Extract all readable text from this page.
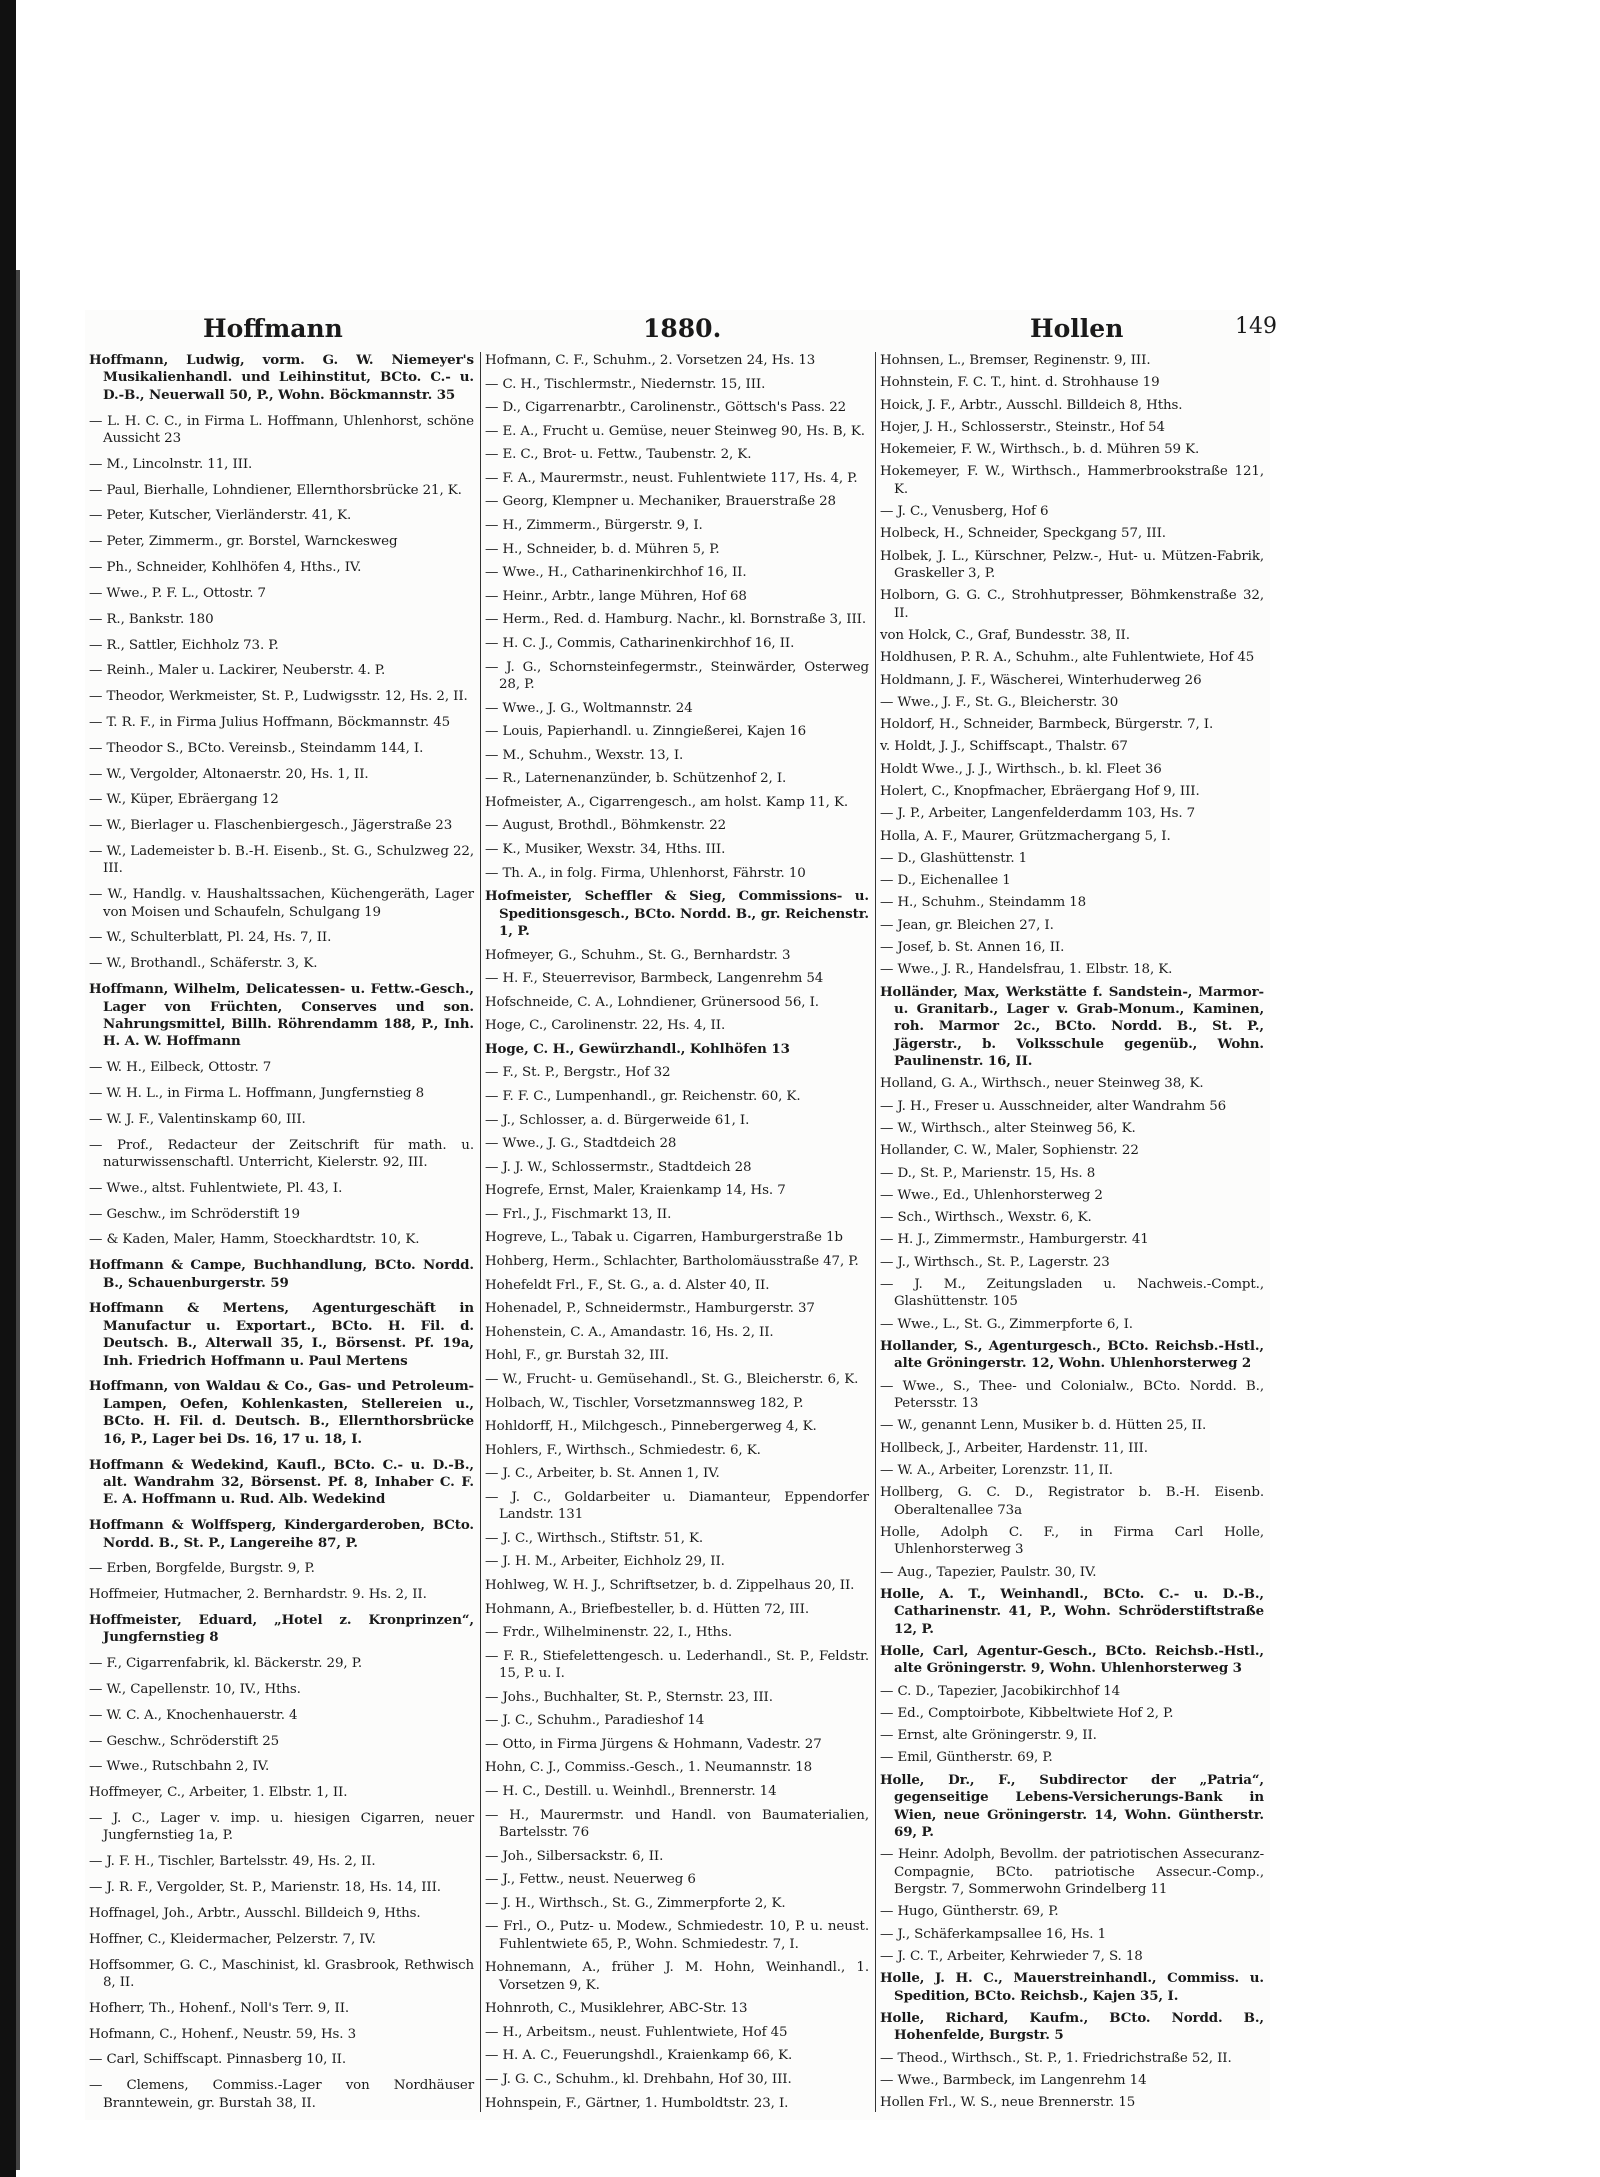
Hoffmann	1880.	Hollen	149

Hoffmann, Ludwig, vorm. G. W. Niemeyer's Musikalienhandl. und Leihinstitut, BCto. C.- u. D.-B., Neuerwall 50, P., Wohn. Böckmannstr. 35

— L. H. C. C., in Firma L. Hoffmann, Uhlenhorst, schöne Aussicht 23

— M., Lincolnstr. 11, III.

— Paul, Bierhalle, Lohndiener, Ellernthorsbrücke 21, K.

— Peter, Kutscher, Vierländerstr. 41, K.

— Peter, Zimmerm., gr. Borstel, Warnckesweg

— Ph., Schneider, Kohlhöfen 4, Hths., IV.

— Wwe., P. F. L., Ottostr. 7

— R., Bankstr. 180

— R., Sattler, Eichholz 73. P.

— Reinh., Maler u. Lackirer, Neuberstr. 4. P.

— Theodor, Werkmeister, St. P., Ludwigsstr. 12, Hs. 2, II.

— T. R. F., in Firma Julius Hoffmann, Böckmannstr. 45

— Theodor S., BCto. Vereinsb., Steindamm 144, I.

— W., Vergolder, Altonaerstr. 20, Hs. 1, II.

— W., Küper, Ebräergang 12

— W., Bierlager u. Flaschenbiergesch., Jägerstraße 23

— W., Lademeister b. B.-H. Eisenb., St. G., Schulzweg 22, III.

— W., Handlg. v. Haushaltssachen, Küchengeräth, Lager von Moisen und Schaufeln, Schulgang 19

— W., Schulterblatt, Pl. 24, Hs. 7, II.

— W., Brothandl., Schäferstr. 3, K.

Hoffmann, Wilhelm, Delicatessen- u. Fettw.-Gesch., Lager von Früchten, Conserves und son. Nahrungsmittel, Billh. Röhrendamm 188, P., Inh. H. A. W. Hoffmann

— W. H., Eilbeck, Ottostr. 7

— W. H. L., in Firma L. Hoffmann, Jungfernstieg 8

— W. J. F., Valentinskamp 60, III.

— Prof., Redacteur der Zeitschrift für math. u. naturwissenschaftl. Unterricht, Kielerstr. 92, III.

— Wwe., altst. Fuhlentwiete, Pl. 43, I.

— Geschw., im Schröderstift 19

— & Kaden, Maler, Hamm, Stoeckhardtstr. 10, K.

Hoffmann & Campe, Buchhandlung, BCto. Nordd. B., Schauenburgerstr. 59

Hoffmann & Mertens, Agenturgeschäft in Manufactur u. Exportart., BCto. H. Fil. d. Deutsch. B., Alterwall 35, I., Börsenst. Pf. 19a, Inh. Friedrich Hoffmann u. Paul Mertens

Hoffmann, von Waldau & Co., Gas- und Petroleum-Lampen, Oefen, Kohlenkasten, Stellereien u., BCto. H. Fil. d. Deutsch. B., Ellernthorsbrücke 16, P., Lager bei Ds. 16, 17 u. 18, I.

Hoffmann & Wedekind, Kaufl., BCto. C.- u. D.-B., alt. Wandrahm 32, Börsenst. Pf. 8, Inhaber C. F. E. A. Hoffmann u. Rud. Alb. Wedekind

Hoffmann & Wolffsperg, Kindergarderoben, BCto. Nordd. B., St. P., Langereihe 87, P.

— Erben, Borgfelde, Burgstr. 9, P.

Hoffmeier, Hutmacher, 2. Bernhardstr. 9. Hs. 2, II.

Hoffmeister, Eduard, „Hotel z. Kronprinzen“, Jungfernstieg 8

— F., Cigarrenfabrik, kl. Bäckerstr. 29, P.

— W., Capellenstr. 10, IV., Hths.

— W. C. A., Knochenhauerstr. 4

— Geschw., Schröderstift 25

— Wwe., Rutschbahn 2, IV.

Hoffmeyer, C., Arbeiter, 1. Elbstr. 1, II.

— J. C., Lager v. imp. u. hiesigen Cigarren, neuer Jungfernstieg 1a, P.

— J. F. H., Tischler, Bartelsstr. 49, Hs. 2, II.

— J. R. F., Vergolder, St. P., Marienstr. 18, Hs. 14, III.

Hoffnagel, Joh., Arbtr., Ausschl. Billdeich 9, Hths.

Hoffner, C., Kleidermacher, Pelzerstr. 7, IV.

Hoffsommer, G. C., Maschinist, kl. Grasbrook, Rethwisch 8, II.

Hofherr, Th., Hohenf., Noll's Terr. 9, II.

Hofmann, C., Hohenf., Neustr. 59, Hs. 3

— Carl, Schiffscapt. Pinnasberg 10, II.

— Clemens, Commiss.-Lager von Nordhäuser Branntewein, gr. Burstah 38, II.

Hofmann, C. F., Schuhm., 2. Vorsetzen 24, Hs. 13

— C. H., Tischlermstr., Niedernstr. 15, III.

— D., Cigarrenarbtr., Carolinenstr., Göttsch's Pass. 22

— E. A., Frucht u. Gemüse, neuer Steinweg 90, Hs. B, K.

— E. C., Brot- u. Fettw., Taubenstr. 2, K.

— F. A., Maurermstr., neust. Fuhlentwiete 117, Hs. 4, P.

— Georg, Klempner u. Mechaniker, Brauerstraße 28

— H., Zimmerm., Bürgerstr. 9, I.

— H., Schneider, b. d. Mühren 5, P.

— Wwe., H., Catharinenkirchhof 16, II.

— Heinr., Arbtr., lange Mühren, Hof 68

— Herm., Red. d. Hamburg. Nachr., kl. Bornstraße 3, III.

— H. C. J., Commis, Catharinenkirchhof 16, II.

— J. G., Schornsteinfegermstr., Steinwärder, Osterweg 28, P.

— Wwe., J. G., Woltmannstr. 24

— Louis, Papierhandl. u. Zinngießerei, Kajen 16

— M., Schuhm., Wexstr. 13, I.

— R., Laternenanzünder, b. Schützenhof 2, I.

Hofmeister, A., Cigarrengesch., am holst. Kamp 11, K.

— August, Brothdl., Böhmkenstr. 22

— K., Musiker, Wexstr. 34, Hths. III.

— Th. A., in folg. Firma, Uhlenhorst, Fährstr. 10

Hofmeister, Scheffler & Sieg, Commissions- u. Speditionsgesch., BCto. Nordd. B., gr. Reichenstr. 1, P.

Hofmeyer, G., Schuhm., St. G., Bernhardstr. 3

— H. F., Steuerrevisor, Barmbeck, Langenrehm 54

Hofschneide, C. A., Lohndiener, Grünersood 56, I.

Hoge, C., Carolinenstr. 22, Hs. 4, II.

Hoge, C. H., Gewürzhandl., Kohlhöfen 13

— F., St. P., Bergstr., Hof 32

— F. F. C., Lumpenhandl., gr. Reichenstr. 60, K.

— J., Schlosser, a. d. Bürgerweide 61, I.

— Wwe., J. G., Stadtdeich 28

— J. J. W., Schlossermstr., Stadtdeich 28

Hogrefe, Ernst, Maler, Kraienkamp 14, Hs. 7

— Frl., J., Fischmarkt 13, II.

Hogreve, L., Tabak u. Cigarren, Hamburgerstraße 1b

Hohberg, Herm., Schlachter, Bartholomäusstraße 47, P.

Hohefeldt Frl., F., St. G., a. d. Alster 40, II.

Hohenadel, P., Schneidermstr., Hamburgerstr. 37

Hohenstein, C. A., Amandastr. 16, Hs. 2, II.

Hohl, F., gr. Burstah 32, III.

— W., Frucht- u. Gemüsehandl., St. G., Bleicherstr. 6, K.

Holbach, W., Tischler, Vorsetzmannsweg 182, P.

Hohldorff, H., Milchgesch., Pinnebergerweg 4, K.

Hohlers, F., Wirthsch., Schmiedestr. 6, K.

— J. C., Arbeiter, b. St. Annen 1, IV.

— J. C., Goldarbeiter u. Diamanteur, Eppendorfer Landstr. 131

— J. C., Wirthsch., Stiftstr. 51, K.

— J. H. M., Arbeiter, Eichholz 29, II.

Hohlweg, W. H. J., Schriftsetzer, b. d. Zippelhaus 20, II.

Hohmann, A., Briefbesteller, b. d. Hütten 72, III.

— Frdr., Wilhelminenstr. 22, I., Hths.

— F. R., Stiefelettengesch. u. Lederhandl., St. P., Feldstr. 15, P. u. I.

— Johs., Buchhalter, St. P., Sternstr. 23, III.

— J. C., Schuhm., Paradieshof 14

— Otto, in Firma Jürgens & Hohmann, Vadestr. 27

Hohn, C. J., Commiss.-Gesch., 1. Neumannstr. 18

— H. C., Destill. u. Weinhdl., Brennerstr. 14

— H., Maurermstr. und Handl. von Baumaterialien, Bartelsstr. 76

— Joh., Silbersackstr. 6, II.

— J., Fettw., neust. Neuerweg 6

— J. H., Wirthsch., St. G., Zimmerpforte 2, K.

— Frl., O., Putz- u. Modew., Schmiedestr. 10, P. u. neust. Fuhlentwiete 65, P., Wohn. Schmiedestr. 7, I.

Hohnemann, A., früher J. M. Hohn, Weinhandl., 1. Vorsetzen 9, K.

Hohnroth, C., Musiklehrer, ABC-Str. 13

— H., Arbeitsm., neust. Fuhlentwiete, Hof 45

— H. A. C., Feuerungshdl., Kraienkamp 66, K.

— J. G. C., Schuhm., kl. Drehbahn, Hof 30, III.

Hohnspein, F., Gärtner, 1. Humboldtstr. 23, I.

Hohnsen, L., Bremser, Reginenstr. 9, III.

Hohnstein, F. C. T., hint. d. Strohhause 19

Hoick, J. F., Arbtr., Ausschl. Billdeich 8, Hths.

Hojer, J. H., Schlosserstr., Steinstr., Hof 54

Hokemeier, F. W., Wirthsch., b. d. Mühren 59 K.

Hokemeyer, F. W., Wirthsch., Hammerbrookstraße 121, K.

— J. C., Venusberg, Hof 6

Holbeck, H., Schneider, Speckgang 57, III.

Holbek, J. L., Kürschner, Pelzw.-, Hut- u. Mützen-Fabrik, Graskeller 3, P.

Holborn, G. G. C., Strohhutpresser, Böhmkenstraße 32, II.

von Holck, C., Graf, Bundesstr. 38, II.

Holdhusen, P. R. A., Schuhm., alte Fuhlentwiete, Hof 45

Holdmann, J. F., Wäscherei, Winterhuderweg 26

— Wwe., J. F., St. G., Bleicherstr. 30

Holdorf, H., Schneider, Barmbeck, Bürgerstr. 7, I.

v. Holdt, J. J., Schiffscapt., Thalstr. 67

Holdt Wwe., J. J., Wirthsch., b. kl. Fleet 36

Holert, C., Knopfmacher, Ebräergang Hof 9, III.

— J. P., Arbeiter, Langenfelderdamm 103, Hs. 7

Holla, A. F., Maurer, Grützmachergang 5, I.

— D., Glashüttenstr. 1

— D., Eichenallee 1

— H., Schuhm., Steindamm 18

— Jean, gr. Bleichen 27, I.

— Josef, b. St. Annen 16, II.

— Wwe., J. R., Handelsfrau, 1. Elbstr. 18, K.

Holländer, Max, Werkstätte f. Sandstein-, Marmor- u. Granitarb., Lager v. Grab-Monum., Kaminen, roh. Marmor 2c., BCto. Nordd. B., St. P., Jägerstr., b. Volksschule gegenüb., Wohn. Paulinenstr. 16, II.

Holland, G. A., Wirthsch., neuer Steinweg 38, K.

— J. H., Freser u. Ausschneider, alter Wandrahm 56

— W., Wirthsch., alter Steinweg 56, K.

Hollander, C. W., Maler, Sophienstr. 22

— D., St. P., Marienstr. 15, Hs. 8

— Wwe., Ed., Uhlenhorsterweg 2

— Sch., Wirthsch., Wexstr. 6, K.

— H. J., Zimmermstr., Hamburgerstr. 41

— J., Wirthsch., St. P., Lagerstr. 23

— J. M., Zeitungsladen u. Nachweis.-Compt., Glashüttenstr. 105

— Wwe., L., St. G., Zimmerpforte 6, I.

Hollander, S., Agenturgesch., BCto. Reichsb.-Hstl., alte Gröningerstr. 12, Wohn. Uhlenhorsterweg 2

— Wwe., S., Thee- und Colonialw., BCto. Nordd. B., Petersstr. 13

— W., genannt Lenn, Musiker b. d. Hütten 25, II.

Hollbeck, J., Arbeiter, Hardenstr. 11, III.

— W. A., Arbeiter, Lorenzstr. 11, II.

Hollberg, G. C. D., Registrator b. B.-H. Eisenb. Oberaltenallee 73a

Holle, Adolph C. F., in Firma Carl Holle, Uhlenhorsterweg 3

— Aug., Tapezier, Paulstr. 30, IV.

Holle, A. T., Weinhandl., BCto. C.- u. D.-B., Catharinenstr. 41, P., Wohn. Schröderstiftstraße 12, P.

Holle, Carl, Agentur-Gesch., BCto. Reichsb.-Hstl., alte Gröningerstr. 9, Wohn. Uhlenhorsterweg 3

— C. D., Tapezier, Jacobikirchhof 14

— Ed., Comptoirbote, Kibbeltwiete Hof 2, P.

— Ernst, alte Gröningerstr. 9, II.

— Emil, Güntherstr. 69, P.

Holle, Dr., F., Subdirector der „Patria“, gegenseitige Lebens-Versicherungs-Bank in Wien, neue Gröningerstr. 14, Wohn. Güntherstr. 69, P.

— Heinr. Adolph, Bevollm. der patriotischen Assecuranz-Compagnie, BCto. patriotische Assecur.-Comp., Bergstr. 7, Sommerwohn Grindelberg 11

— Hugo, Güntherstr. 69, P.

— J., Schäferkampsallee 16, Hs. 1

— J. C. T., Arbeiter, Kehrwieder 7, S. 18

Holle, J. H. C., Mauerstreinhandl., Commiss. u. Spedition, BCto. Reichsb., Kajen 35, I.

Holle, Richard, Kaufm., BCto. Nordd. B., Hohenfelde, Burgstr. 5

— Theod., Wirthsch., St. P., 1. Friedrichstraße 52, II.

— Wwe., Barmbeck, im Langenrehm 14

Hollen Frl., W. S., neue Brennerstr. 15
